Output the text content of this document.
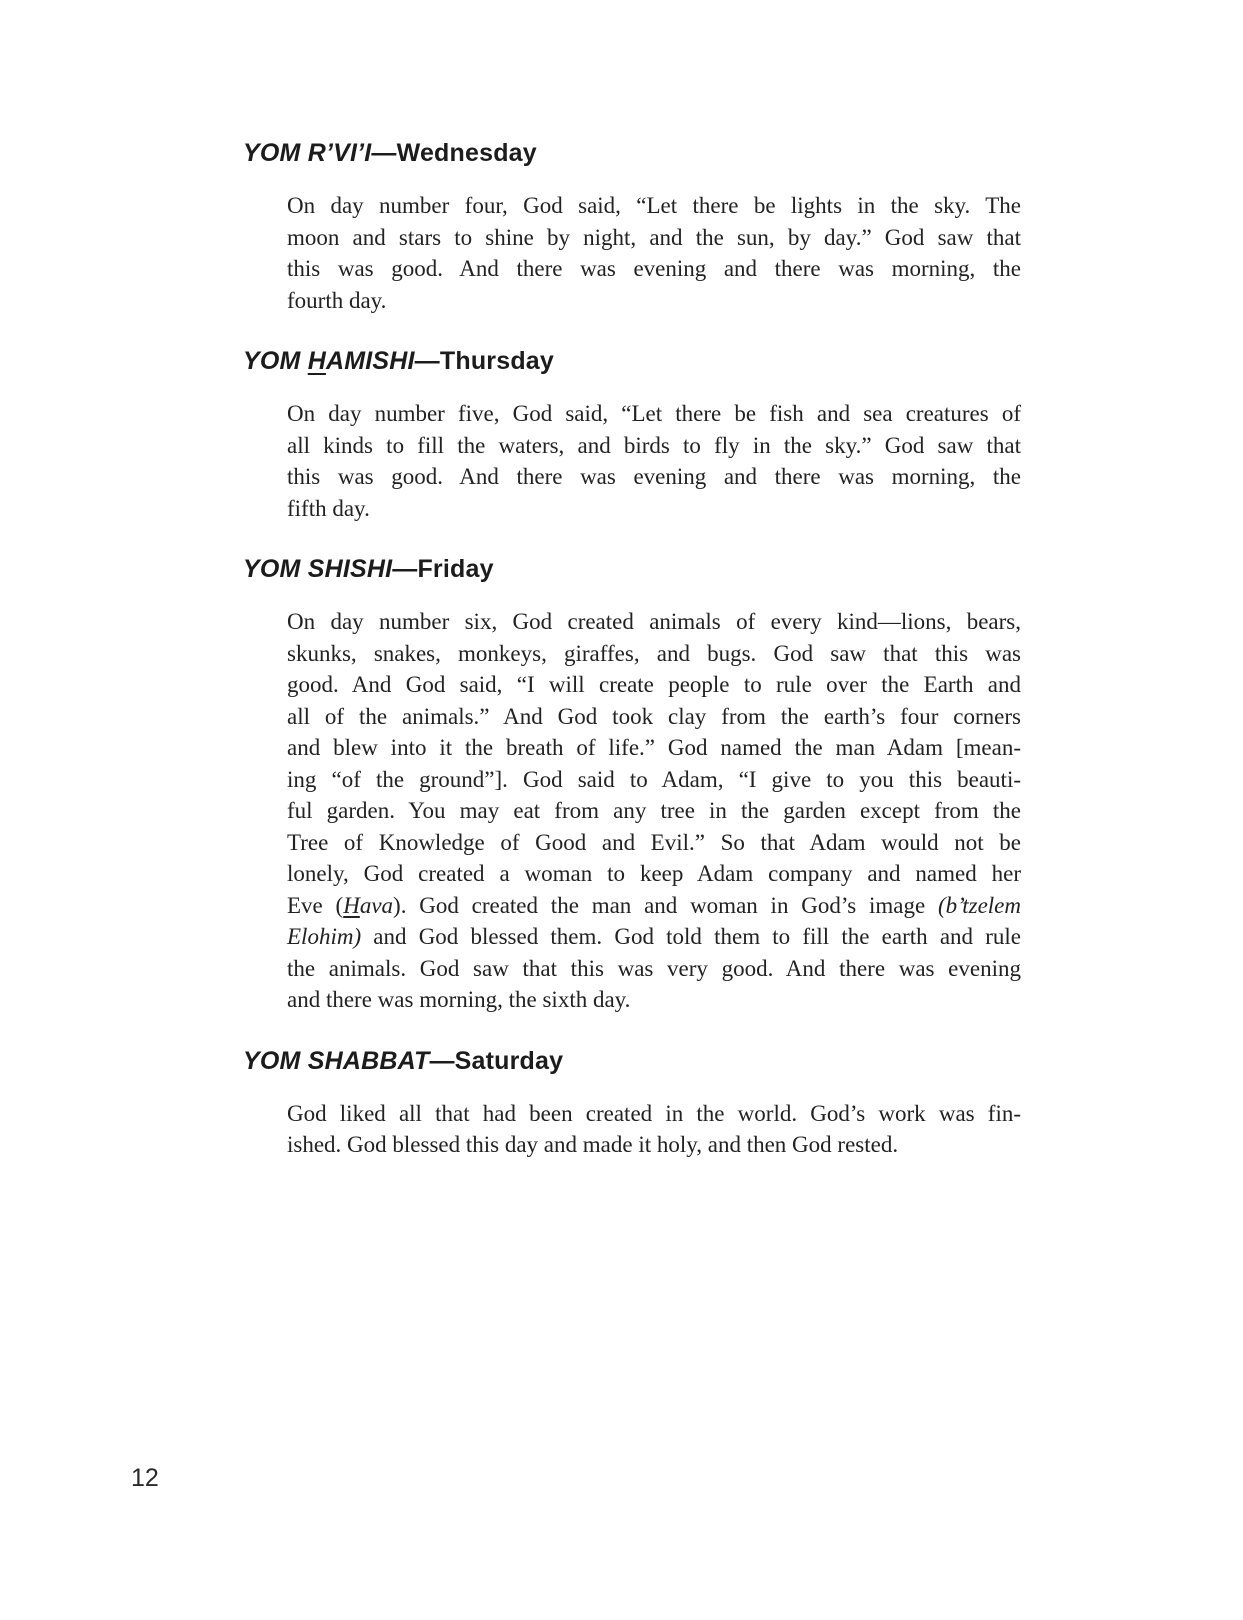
YOM R’VI’I—Wednesday
On day number four, God said, “Let there be lights in the sky. The
moon and stars to shine by night, and the sun, by day.” God saw that
this was good. And there was evening and there was morning, the
fourth day.
YOM HAMISHI—Thursday
On day number five, God said, “Let there be fish and sea creatures of
all kinds to fill the waters, and birds to fly in the sky.” God saw that
this was good. And there was evening and there was morning, the
fifth day.
YOM SHISHI—Friday
On day number six, God created animals of every kind—lions, bears,
skunks, snakes, monkeys, giraffes, and bugs. God saw that this was
good. And God said, “I will create people to rule over the Earth and
all of the animals.” And God took clay from the earth’s four corners
and blew into it the breath of life.” God named the man Adam [mean-
ing “of the ground”]. God said to Adam, “I give to you this beauti-
ful garden. You may eat from any tree in the garden except from the
Tree of Knowledge of Good and Evil.” So that Adam would not be
lonely, God created a woman to keep Adam company and named her
Eve (Hava). God created the man and woman in God’s image (b’tzelem
Elohim) and God blessed them. God told them to fill the earth and rule
the animals. God saw that this was very good. And there was evening
and there was morning, the sixth day.
YOM SHABBAT—Saturday
God liked all that had been created in the world. God’s work was fin-
ished. God blessed this day and made it holy, and then God rested.
12
